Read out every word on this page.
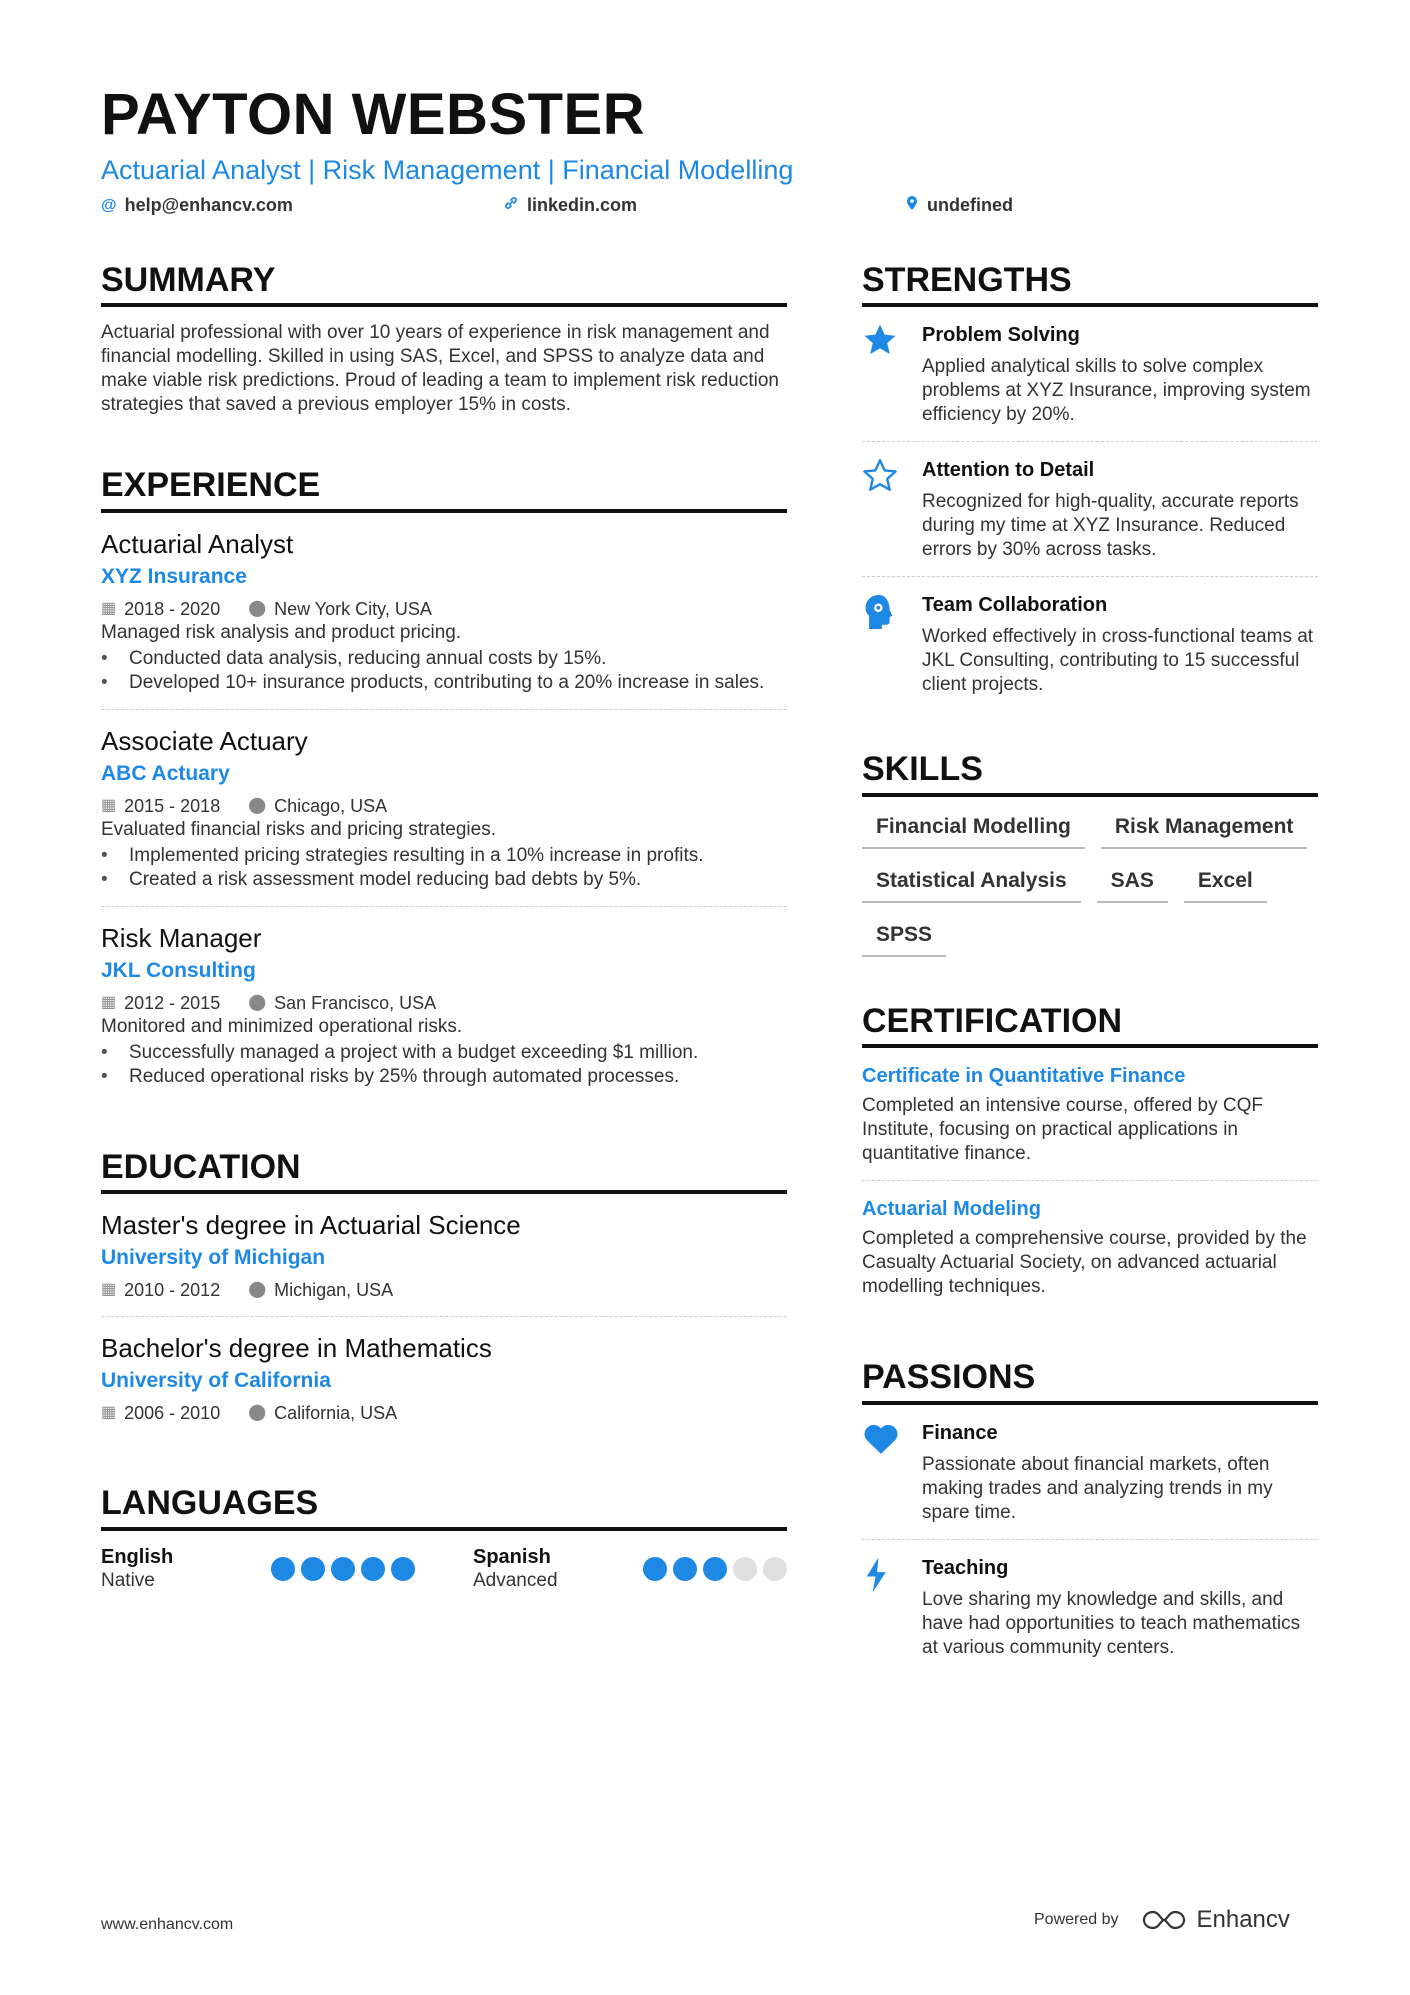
PAYTON WEBSTER
Actuarial Analyst | Risk Management | Financial Modelling
@ help@enhancv.com	linkedin.com	undefined
SUMMARY

Actuarial professional with over 10 years of experience in risk management and financial modelling. Skilled in using SAS, Excel, and SPSS to analyze data and make viable risk predictions. Proud of leading a team to implement risk reduction strategies that saved a previous employer 15% in costs.

EXPERIENCE
Actuarial Analyst
XYZ Insurance
▦ 2018 - 2020 ⬤ New York City, USA

Managed risk analysis and product pricing.

• Conducted data analysis, reducing annual costs by 15%.
• Developed 10+ insurance products, contributing to a 20% increase in sales.
Associate Actuary
ABC Actuary
▦ 2015 - 2018 ⬤ Chicago, USA

Evaluated financial risks and pricing strategies.

• Implemented pricing strategies resulting in a 10% increase in profits.
• Created a risk assessment model reducing bad debts by 5%.
Risk Manager
JKL Consulting
▦ 2012 - 2015 ⬤ San Francisco, USA

Monitored and minimized operational risks.

• Successfully managed a project with a budget exceeding $1 million.
• Reduced operational risks by 25% through automated processes.
EDUCATION
Master's degree in Actuarial Science
University of Michigan
▦ 2010 - 2012 ⬤ Michigan, USA
Bachelor's degree in Mathematics
University of California
▦ 2006 - 2010 ⬤ California, USA
LANGUAGES
English
Native
Spanish
Advanced
STRENGTHS
Problem Solving
Applied analytical skills to solve complex problems at XYZ Insurance, improving system efficiency by 20%.
Attention to Detail
Recognized for high-quality, accurate reports during my time at XYZ Insurance. Reduced errors by 30% across tasks.
Team Collaboration
Worked effectively in cross-functional teams at JKL Consulting, contributing to 15 successful client projects.
SKILLS
Financial Modelling	Risk Management
Statistical Analysis	SAS	Excel
SPSS
CERTIFICATION
Certificate in Quantitative Finance
Completed an intensive course, offered by CQF Institute, focusing on practical applications in quantitative finance.
Actuarial Modeling
Completed a comprehensive course, provided by the Casualty Actuarial Society, on advanced actuarial modelling techniques.
PASSIONS
Finance
Passionate about financial markets, often making trades and analyzing trends in my spare time.
Teaching
Love sharing my knowledge and skills, and have had opportunities to teach mathematics at various community centers.
www.enhancv.com	Powered by	Enhancv
